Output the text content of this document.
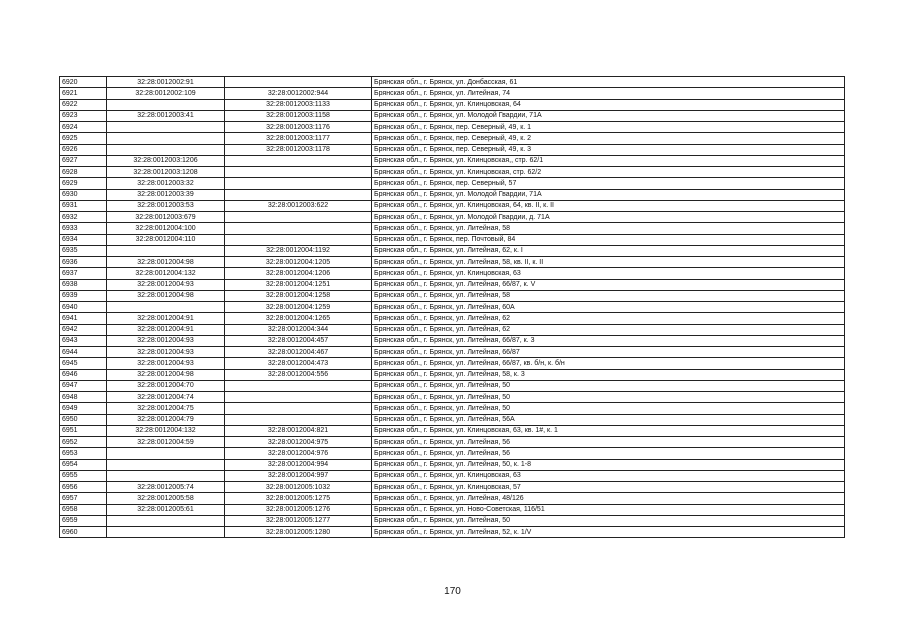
6920	32:28:0012002:91		Брянская обл., г. Брянск, ул. Донбасская, 61
6921	32:28:0012002:109	32:28:0012002:944	Брянская обл., г. Брянск, ул. Литейная, 74
6922		32:28:0012003:1133	Брянская обл., г. Брянск, ул. Клинцовская, 64
6923	32:28:0012003:41	32:28:0012003:1158	Брянская обл., г. Брянск, ул. Молодой Гвардии, 71А
6924		32:28:0012003:1176	Брянская обл., г. Брянск, пер. Северный, 49, к. 1
6925		32:28:0012003:1177	Брянская обл., г. Брянск, пер. Северный, 49, к. 2
6926		32:28:0012003:1178	Брянская обл., г. Брянск, пер. Северный, 49, к. 3
6927	32:28:0012003:1206		Брянская обл., г. Брянск, ул. Клинцовская,, стр. 62/1
6928	32:28:0012003:1208		Брянская обл., г. Брянск, ул. Клинцовская, стр. 62/2
6929	32:28:0012003:32		Брянская обл., г. Брянск, пер. Северный, 57
6930	32:28:0012003:39		Брянская обл., г. Брянск, ул. Молодой Гвардии, 71А
6931	32:28:0012003:53	32:28:0012003:622	Брянская обл., г. Брянск, ул. Клинцовская, 64, кв. II, к. II
6932	32:28:0012003:679		Брянская обл., г. Брянск, ул. Молодой Гвардии, д. 71А
6933	32:28:0012004:100		Брянская обл., г. Брянск, ул. Литейная, 58
6934	32:28:0012004:110		Брянская обл., г. Брянск, пер. Почтовый, 84
6935		32:28:0012004:1192	Брянская обл., г. Брянск, ул. Литейная, 62, к. I
6936	32:28:0012004:98	32:28:0012004:1205	Брянская обл., г. Брянск, ул. Литейная, 58, кв. II, к. II
6937	32:28:0012004:132	32:28:0012004:1206	Брянская обл., г. Брянск, ул. Клинцовская, 63
6938	32:28:0012004:93	32:28:0012004:1251	Брянская обл., г. Брянск, ул. Литейная, 66/87, к. V
6939	32:28:0012004:98	32:28:0012004:1258	Брянская обл., г. Брянск, ул. Литейная, 58
6940		32:28:0012004:1259	Брянская обл., г. Брянск, ул. Литейная, 60А
6941	32:28:0012004:91	32:28:0012004:1265	Брянская обл., г. Брянск, ул. Литейная, 62
6942	32:28:0012004:91	32:28:0012004:344	Брянская обл., г. Брянск, ул. Литейная, 62
6943	32:28:0012004:93	32:28:0012004:457	Брянская обл., г. Брянск, ул. Литейная, 66/87, к. 3
6944	32:28:0012004:93	32:28:0012004:467	Брянская обл., г. Брянск, ул. Литейная, 66/87
6945	32:28:0012004:93	32:28:0012004:473	Брянская обл., г. Брянск, ул. Литейная, 66/87, кв. б/н, к. б/н
6946	32:28:0012004:98	32:28:0012004:556	Брянская обл., г. Брянск, ул. Литейная, 58, к. 3
6947	32:28:0012004:70		Брянская обл., г. Брянск, ул. Литейная, 50
6948	32:28:0012004:74		Брянская обл., г. Брянск, ул. Литейная, 50
6949	32:28:0012004:75		Брянская обл., г. Брянск, ул. Литейная, 50
6950	32:28:0012004:79		Брянская обл., г. Брянск, ул. Литейная, 56А
6951	32:28:0012004:132	32:28:0012004:821	Брянская обл., г. Брянск, ул. Клинцовская, 63, кв. 1#, к. 1
6952	32:28:0012004:59	32:28:0012004:975	Брянская обл., г. Брянск, ул. Литейная, 56
6953		32:28:0012004:976	Брянская обл., г. Брянск, ул. Литейная, 56
6954		32:28:0012004:994	Брянская обл., г. Брянск, ул. Литейная, 50, к. 1-8
6955		32:28:0012004:997	Брянская обл., г. Брянск, ул. Клинцовская, 63
6956	32:28:0012005:74	32:28:0012005:1032	Брянская обл., г. Брянск, ул. Клинцовская, 57
6957	32:28:0012005:58	32:28:0012005:1275	Брянская обл., г. Брянск, ул. Литейная, 48/126
6958	32:28:0012005:61	32:28:0012005:1276	Брянская обл., г. Брянск, ул. Ново-Советская, 116/51
6959		32:28:0012005:1277	Брянская обл., г. Брянск, ул. Литейная, 50
6960		32:28:0012005:1280	Брянская обл., г. Брянск, ул. Литейная, 52, к. 1/V
170
